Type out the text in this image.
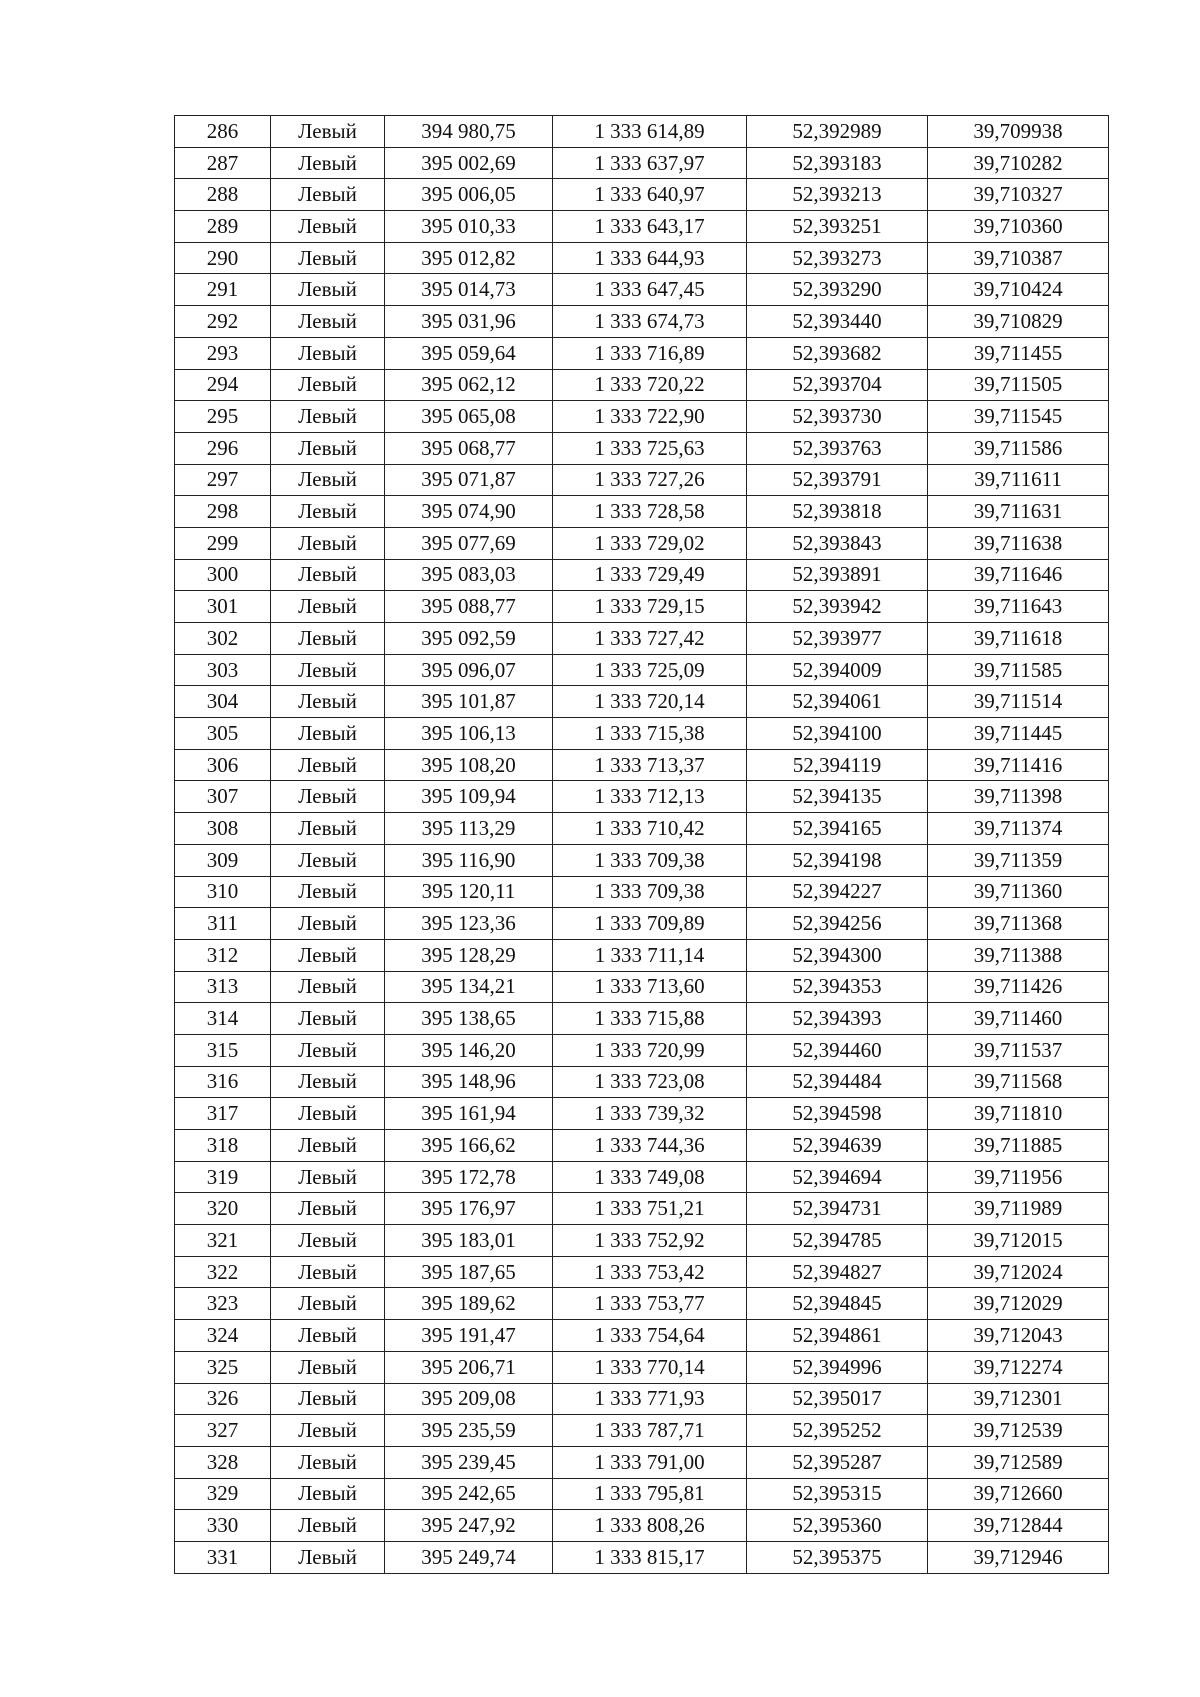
286	Левый	394 980,75	1 333 614,89	52,392989	39,709938
287	Левый	395 002,69	1 333 637,97	52,393183	39,710282
288	Левый	395 006,05	1 333 640,97	52,393213	39,710327
289	Левый	395 010,33	1 333 643,17	52,393251	39,710360
290	Левый	395 012,82	1 333 644,93	52,393273	39,710387
291	Левый	395 014,73	1 333 647,45	52,393290	39,710424
292	Левый	395 031,96	1 333 674,73	52,393440	39,710829
293	Левый	395 059,64	1 333 716,89	52,393682	39,711455
294	Левый	395 062,12	1 333 720,22	52,393704	39,711505
295	Левый	395 065,08	1 333 722,90	52,393730	39,711545
296	Левый	395 068,77	1 333 725,63	52,393763	39,711586
297	Левый	395 071,87	1 333 727,26	52,393791	39,711611
298	Левый	395 074,90	1 333 728,58	52,393818	39,711631
299	Левый	395 077,69	1 333 729,02	52,393843	39,711638
300	Левый	395 083,03	1 333 729,49	52,393891	39,711646
301	Левый	395 088,77	1 333 729,15	52,393942	39,711643
302	Левый	395 092,59	1 333 727,42	52,393977	39,711618
303	Левый	395 096,07	1 333 725,09	52,394009	39,711585
304	Левый	395 101,87	1 333 720,14	52,394061	39,711514
305	Левый	395 106,13	1 333 715,38	52,394100	39,711445
306	Левый	395 108,20	1 333 713,37	52,394119	39,711416
307	Левый	395 109,94	1 333 712,13	52,394135	39,711398
308	Левый	395 113,29	1 333 710,42	52,394165	39,711374
309	Левый	395 116,90	1 333 709,38	52,394198	39,711359
310	Левый	395 120,11	1 333 709,38	52,394227	39,711360
311	Левый	395 123,36	1 333 709,89	52,394256	39,711368
312	Левый	395 128,29	1 333 711,14	52,394300	39,711388
313	Левый	395 134,21	1 333 713,60	52,394353	39,711426
314	Левый	395 138,65	1 333 715,88	52,394393	39,711460
315	Левый	395 146,20	1 333 720,99	52,394460	39,711537
316	Левый	395 148,96	1 333 723,08	52,394484	39,711568
317	Левый	395 161,94	1 333 739,32	52,394598	39,711810
318	Левый	395 166,62	1 333 744,36	52,394639	39,711885
319	Левый	395 172,78	1 333 749,08	52,394694	39,711956
320	Левый	395 176,97	1 333 751,21	52,394731	39,711989
321	Левый	395 183,01	1 333 752,92	52,394785	39,712015
322	Левый	395 187,65	1 333 753,42	52,394827	39,712024
323	Левый	395 189,62	1 333 753,77	52,394845	39,712029
324	Левый	395 191,47	1 333 754,64	52,394861	39,712043
325	Левый	395 206,71	1 333 770,14	52,394996	39,712274
326	Левый	395 209,08	1 333 771,93	52,395017	39,712301
327	Левый	395 235,59	1 333 787,71	52,395252	39,712539
328	Левый	395 239,45	1 333 791,00	52,395287	39,712589
329	Левый	395 242,65	1 333 795,81	52,395315	39,712660
330	Левый	395 247,92	1 333 808,26	52,395360	39,712844
331	Левый	395 249,74	1 333 815,17	52,395375	39,712946
